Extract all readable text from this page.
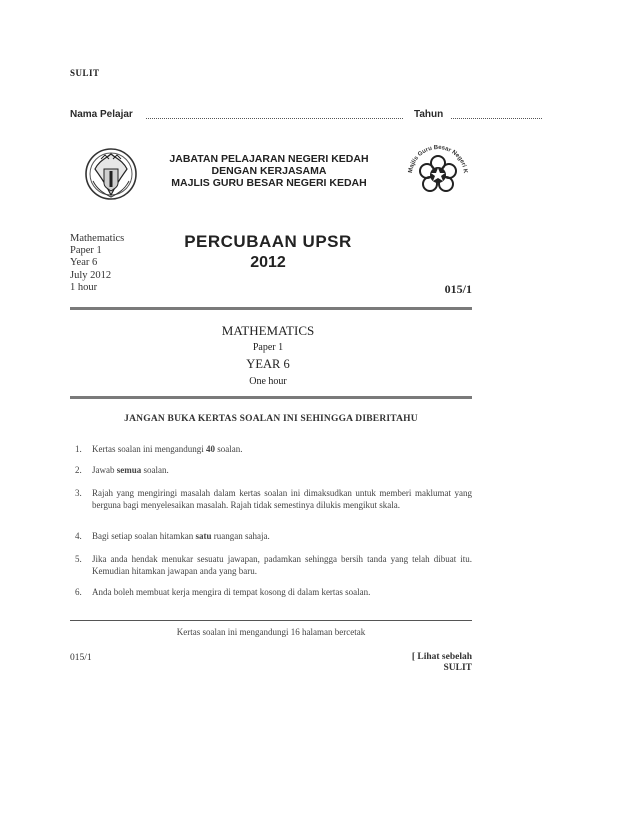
SULIT
Nama Pelajar	Tahun
JABATAN PELAJARAN NEGERI KEDAH
DENGAN KERJASAMA
MAJLIS GURU BESAR NEGERI KEDAH
Majlis Guru Besar Negeri K
Mathematics
Paper 1
Year 6
July 2012
1 hour
PERCUBAAN UPSR
2012
015/1
MATHEMATICS
Paper 1
YEAR 6
One hour
JANGAN BUKA KERTAS SOALAN INI SEHINGGA DIBERITAHU
1. Kertas soalan ini mengandungi 40 soalan.
2. Jawab semua soalan.
3. Rajah yang mengiringi masalah dalam kertas soalan ini dimaksudkan untuk memberi maklumat yang berguna bagi menyelesaikan masalah. Rajah tidak semestinya dilukis mengikut skala.
4. Bagi setiap soalan hitamkan satu ruangan sahaja.
5. Jika anda hendak menukar sesuatu jawapan, padamkan sehingga bersih tanda yang telah dibuat itu. Kemudian hitamkan jawapan anda yang baru.
6. Anda boleh membuat kerja mengira di tempat kosong di dalam kertas soalan.
Kertas soalan ini mengandungi 16 halaman bercetak
015/1	[ Lihat sebelah
SULIT
